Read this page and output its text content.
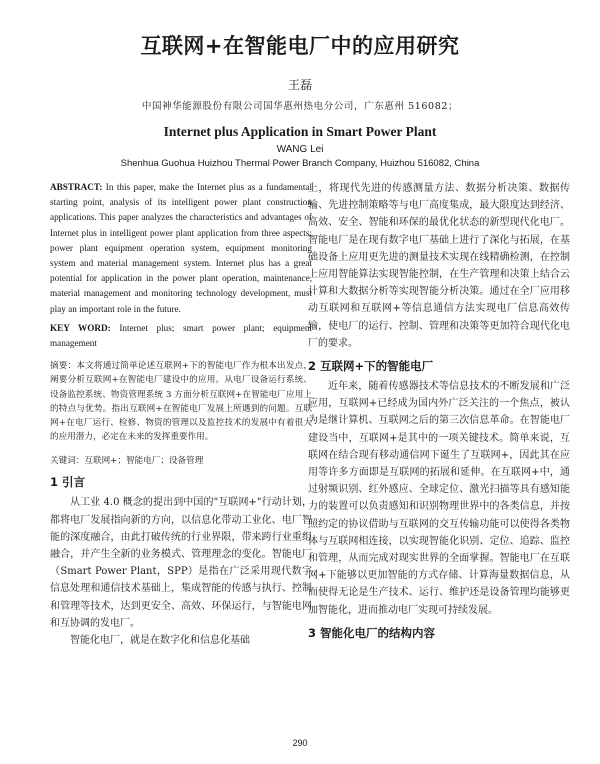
互联网+在智能电厂中的应用研究
王磊
中国神华能源股份有限公司国华惠州热电分公司，广东惠州 516082；
Internet plus Application in Smart Power Plant
WANG Lei
Shenhua Guohua Huizhou Thermal Power Branch Company, Huizhou 516082, China
ABSTRACT: In this paper, make the Internet plus as a fundamental starting point, analysis of its intelligent power plant construction applications. This paper analyzes the characteristics and advantages of Internet plus in intelligent power plant application from three aspects: power plant equipment operation system, equipment monitoring system and material management system. Internet plus has a great potential for application in the power plant operation, maintenance, material management and monitoring technology development, must play an important role in the future.
KEY WORD: Internet plus; smart power plant; equipment management
摘要：本文将通过简单论述互联网+下的智能电厂作为根本出发点，阐要分析互联网+在智能电厂建设中的应用。从电厂设备运行系统、设备监控系统、物资管理系统 3 方面分析互联网+在智能电厂应用上的特点与优势。指出互联网+在智能电厂发展上所遇到的问题。互联网+在电厂运行、检修、物资的管理以及监控技术的发展中有着很大的应用潜力，必定在未来的发挥重要作用。
关键词：互联网+；智能电厂；设备管理
1 引言

从工业 4.0 概念的提出到中国的"互联网+"行动计划，都将电厂发展指向新的方向，以信息化带动工业化、电厂智能的深度融合，由此打破传统的行业界限，带来跨行业重组融合，并产生全新的业务模式、管理理念的变化。智能电厂（Smart Power Plant，SPP）是指在广泛采用现代数字信息处理和通信技术基础上，集成智能的传感与执行、控制和管理等技术，达到更安全、高效、环保运行，与智能电网和互协调的发电厂。

智能化电厂，就是在数字化和信息化基础

上，将现代先进的传感测量方法、数据分析决策、数据传输、先进控制策略等与电厂高度集成，最大限度达到经济、高效、安全、智能和环保的最优化状态的新型现代化电厂。智能电厂是在现有数字电厂基础上进行了深化与拓展，在基础设备上应用更先进的测量技术实现在线精确检测，在控制上应用智能算法实现智能控制，在生产管理和决策上结合云计算和大数据分析等实现智能分析决策。通过在全厂应用移动互联网和互联网+等信息通信方法实现电厂信息高效传输，使电厂的运行、控制、管理和决策等更加符合现代化电厂的要求。

2 互联网+下的智能电厂

近年来，随着传感器技术等信息技术的不断发展和广泛应用，互联网+已经成为国内外广泛关注的一个焦点，被认为是继计算机、互联网之后的第三次信息革命。在智能电厂建设当中，互联网+是其中的一项关键技术。简单来说，互联网在结合现有移动通信网下诞生了互联网+，因此其在应用等许多方面即是互联网的拓展和延伸。在互联网+中，通过射频识别、红外感应、全球定位、激光扫描等具有感知能力的装置可以负责感知和识别物理世界中的各类信息，并按照约定的协议借助与互联网的交互传输功能可以使得各类物体与互联网相连接，以实现智能化识别、定位、追踪、监控和管理，从而完成对现实世界的全面掌握。智能电厂在互联网+下能够以更加智能的方式存储、计算海量数据信息，从而使得无论是生产技术、运行、维护还是设备管理均能够更加智能化，进而推动电厂实现可持续发展。

3 智能化电厂的结构内容
290
